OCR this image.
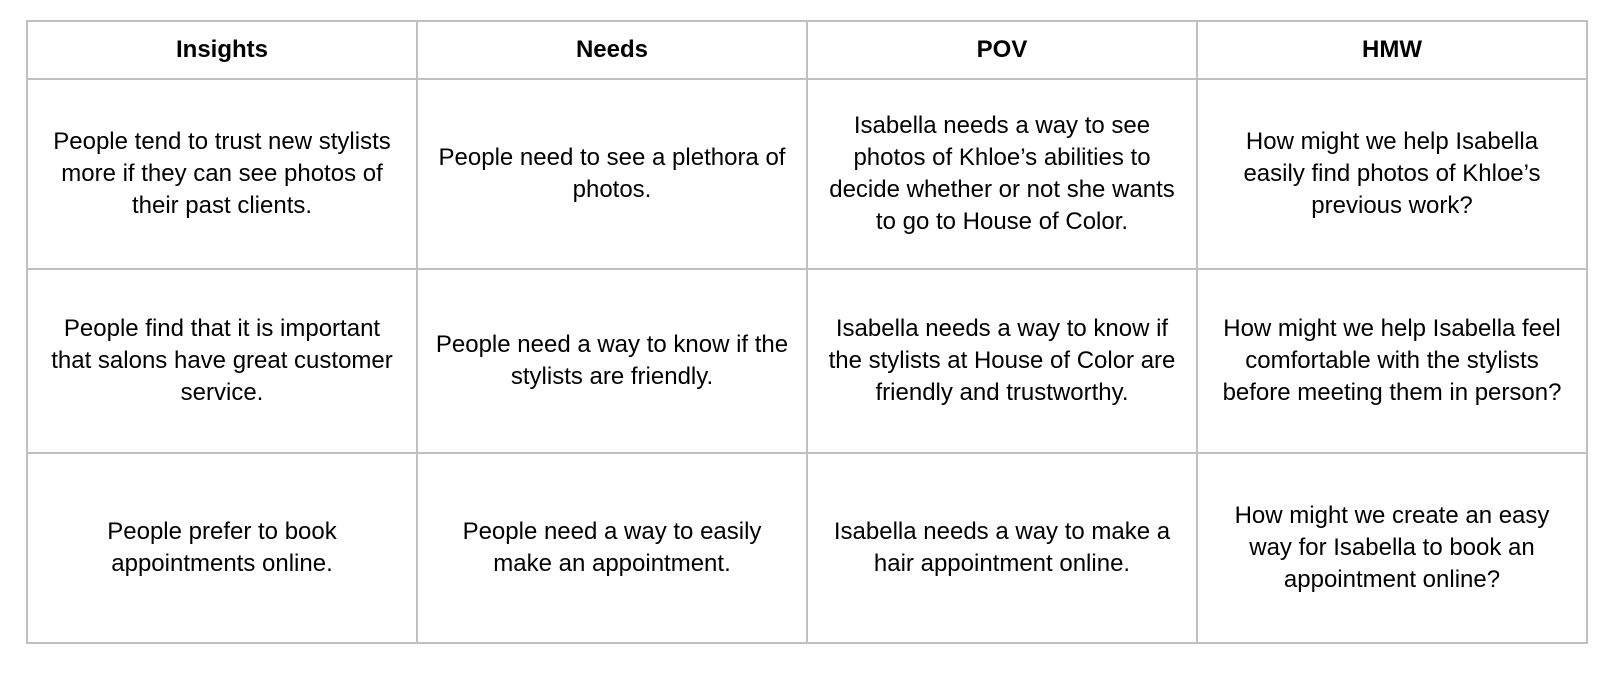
Insights	Needs	POV	HMW
People tend to trust new stylists more if they can see photos of their past clients.	People need to see a plethora of photos.	Isabella needs a way to see photos of Khloe’s abilities to decide whether or not she wants to go to House of Color.	How might we help Isabella easily find photos of Khloe’s previous work?
People find that it is important that salons have great customer service.	People need a way to know if the stylists are friendly.	Isabella needs a way to know if the stylists at House of Color are friendly and trustworthy.	How might we help Isabella feel comfortable with the stylists before meeting them in person?
People prefer to book appointments online.	People need a way to easily make an appointment.	Isabella needs a way to make a hair appointment online.	How might we create an easy way for Isabella to book an appointment online?
